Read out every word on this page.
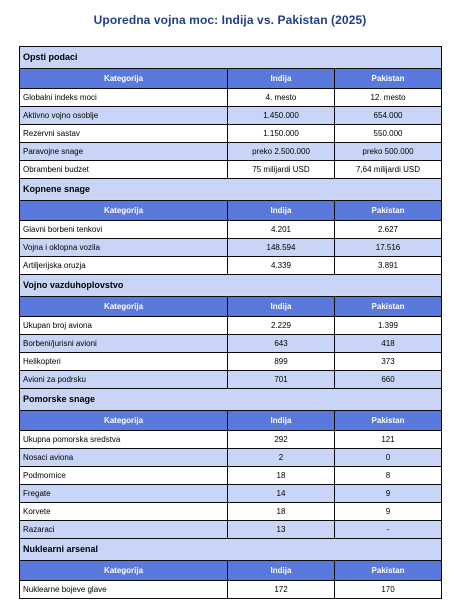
Uporedna vojna moc: Indija vs. Pakistan (2025)
Opsti podaci		
Kategorija	Indija	Pakistan
Globalni indeks moci	4. mesto	12. mesto
Aktivno vojno osoblje	1.450.000	654.000
Rezervni sastav	1.150.000	550.000
Paravojne snage	preko 2.500.000	preko 500.000
Obrambeni budzet	75 milijardi USD	7,64 milijardi USD
Kopnene snage		
Kategorija	Indija	Pakistan
Glavni borbeni tenkovi	4.201	2.627
Vojna i oklopna vozila	148.594	17.516
Artiljerijska oruzja	4.339	3.891
Vojno vazduhoplovstvo		
Kategorija	Indija	Pakistan
Ukupan broj aviona	2.229	1.399
Borbeni/jurisni avioni	643	418
Helikopteri	899	373
Avioni za podrsku	701	660
Pomorske snage		
Kategorija	Indija	Pakistan
Ukupna pomorska sredstva	292	121
Nosaci aviona	2	0
Podmornice	18	8
Fregate	14	9
Korvete	18	9
Razaraci	13	-
Nuklearni arsenal		
Kategorija	Indija	Pakistan
Nuklearne bojeve glave	172	170
